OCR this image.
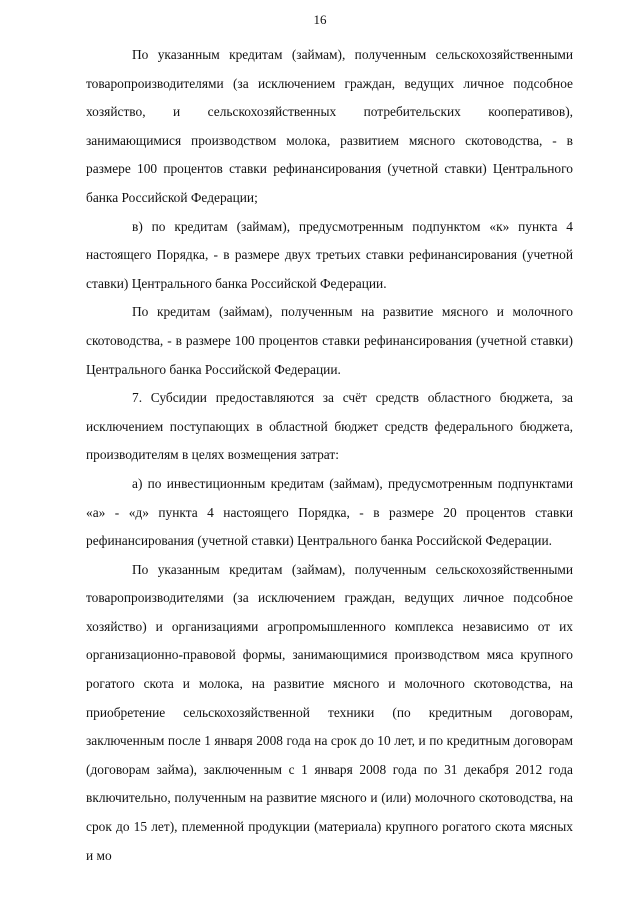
16

По указанным кредитам (займам), полученным сельскохозяйственными товаропроизводителями (за исключением граждан, ведущих личное подсобное хозяйство, и сельскохозяйственных потребительских кооперативов), занимающимися производством молока, развитием мясного скотоводства, - в размере 100 процентов ставки рефинансирования (учетной ставки) Центрального банка Российской Федерации;

в) по кредитам (займам), предусмотренным подпунктом «к» пункта 4 настоящего Порядка, - в размере двух третьих ставки рефинансирования (учетной ставки) Центрального банка Российской Федерации.

По кредитам (займам), полученным на развитие мясного и молочного скотоводства, - в размере 100 процентов ставки рефинансирования (учетной ставки) Центрального банка Российской Федерации.

7. Субсидии предоставляются за счёт средств областного бюджета, за исключением поступающих в областной бюджет средств федерального бюджета, производителям в целях возмещения затрат:

а) по инвестиционным кредитам (займам), предусмотренным подпунктами «а» - «д» пункта 4 настоящего Порядка, - в размере 20 процентов ставки рефинансирования (учетной ставки) Центрального банка Российской Федерации.

По указанным кредитам (займам), полученным сельскохозяйственными товаропроизводителями (за исключением граждан, ведущих личное подсобное хозяйство) и организациями агропромышленного комплекса независимо от их организационно-правовой формы, занимающимися производством мяса крупного рогатого скота и молока, на развитие мясного и молочного скотоводства, на приобретение сельскохозяйственной техники (по кредитным договорам, заключенным после 1 января 2008 года на срок до 10 лет, и по кредитным договорам (договорам займа), заключенным с 1 января 2008 года по 31 декабря 2012 года включительно, полученным на развитие мясного и (или) молочного скотоводства, на срок до 15 лет), племенной продукции (материала) крупного рогатого скота мясных и мо
